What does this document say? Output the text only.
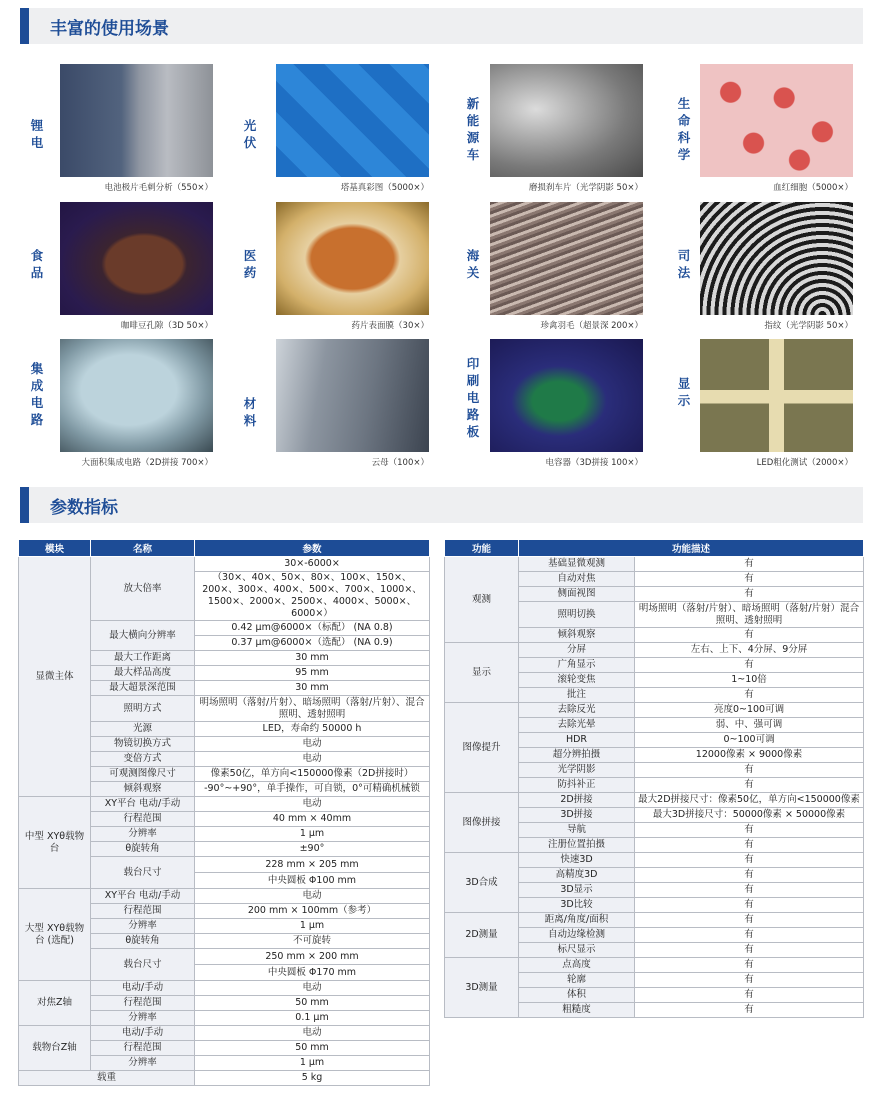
丰富的使用场景
锂
电
电池极片毛刺分析（550×）
光
伏
塔基真彩图（5000×）
新
能
源
车
磨损刹车片（光学阴影 50×）
生
命
科
学
血红细胞（5000×）
食
品
咖啡豆孔隙（3D 50×）
医
药
药片表面膜（30×）
海
关
珍禽羽毛（超景深 200×）
司
法
指纹（光学阴影 50×）
集
成
电
路
大面积集成电路（2D拼接 700×）
材
料
云母（100×）
印
刷
电
路
板
电容器（3D拼接 100×）
显
示
LED粗化测试（2000×）
参数指标
模块	名称	参数
显微主体	放大倍率	30×-6000×
		（30×、40×、50×、80×、100×、150×、200×、300×、400×、500×、700×、1000×、1500×、2000×、2500×、4000×、5000×、6000×）
	最大横向分辨率	0.42 μm@6000×（标配） (NA 0.8)
		0.37 μm@6000×（选配） (NA 0.9)
	最大工作距离	30 mm
	最大样品高度	95 mm
	最大超景深范围	30 mm
	照明方式	明场照明（落射/片射）、暗场照明（落射/片射）、混合照明、透射照明
	光源	LED，寿命约 50000 h
	物镜切换方式	电动
	变倍方式	电动
	可观测图像尺寸	像素50亿，单方向<150000像素（2D拼接时）
	倾斜观察	-90°~+90°，单手操作，可自锁，0°可精确机械锁
中型 XYθ载物台	XY平台 电动/手动	电动
	行程范围	40 mm × 40mm
	分辨率	1 μm
	θ旋转角	±90°
	载台尺寸	228 mm × 205 mm
		中央圆板 Φ100 mm
大型 XYθ载物台 (选配)	XY平台 电动/手动	电动
	行程范围	200 mm × 100mm（参考）
	分辨率	1 μm
	θ旋转角	不可旋转
	载台尺寸	250 mm × 200 mm
		中央圆板 Φ170 mm
对焦Z轴	电动/手动	电动
	行程范围	50 mm
	分辨率	0.1 μm
载物台Z轴	电动/手动	电动
	行程范围	50 mm
	分辨率	1 μm
载重		5 kg
功能	功能描述	
观测	基础显微观测	有
	自动对焦	有
	侧面视图	有
	照明切换	明场照明（落射/片射）、暗场照明（落射/片射）混合照明、透射照明
	倾斜观察	有
显示	分屏	左右、上下、4分屏、9分屏
	广角显示	有
	滚轮变焦	1~10倍
	批注	有
图像提升	去除反光	亮度0~100可调
	去除光晕	弱、中、强可调
	HDR	0~100可调
	超分辨拍摄	12000像素 × 9000像素
	光学阴影	有
	防抖补正	有
图像拼接	2D拼接	最大2D拼接尺寸：像素50亿，单方向<150000像素
	3D拼接	最大3D拼接尺寸：50000像素 × 50000像素
	导航	有
	注册位置拍摄	有
3D合成	快速3D	有
	高精度3D	有
	3D显示	有
	3D比较	有
2D测量	距离/角度/面积	有
	自动边缘检测	有
	标尺显示	有
3D测量	点高度	有
	轮廓	有
	体积	有
	粗糙度	有
